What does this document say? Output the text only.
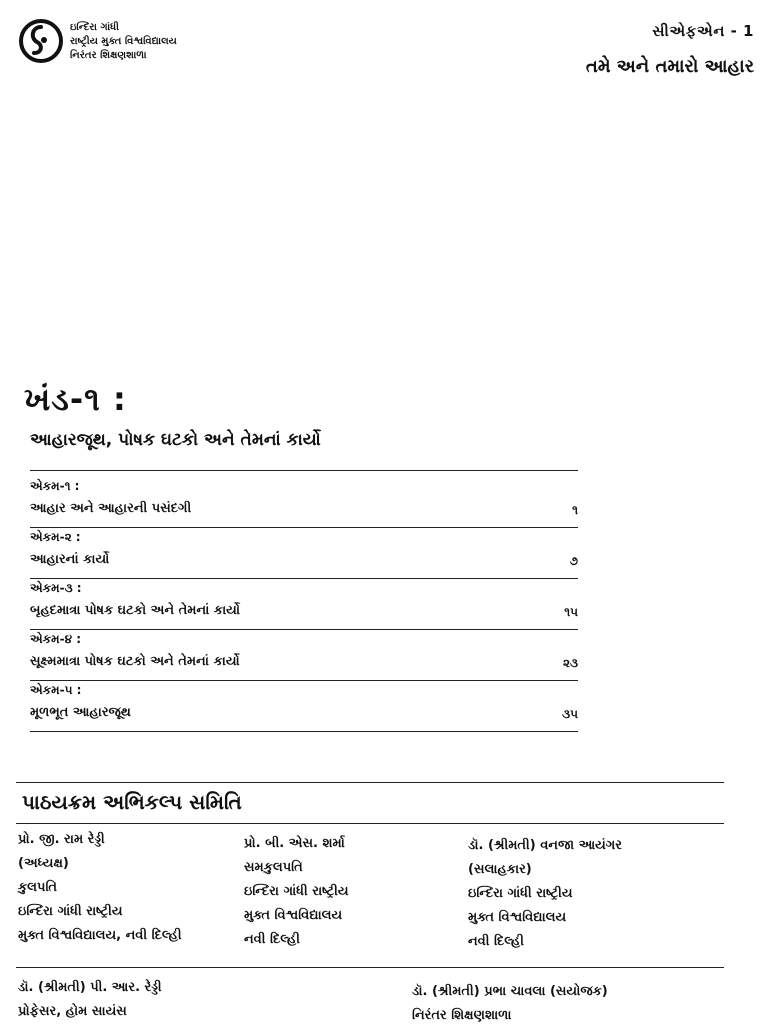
ઇન્દિરા ગાંધી
રાષ્ટ્રીય મુક્ત વિશ્વવિદ્યાલય
નિરંતર શિક્ષણશાળા
સીએફએન - 1
તમે અને તમારો આહાર
ખંડ-૧ :
આહારજૂથ, પોષક ઘટકો અને તેમનાં કાર્યો
એકમ-૧ :
આહાર અને આહારની પસંદગી	૧
એકમ-૨ :
આહારનાં કાર્યો	૭
એકમ-૩ :
બૃહદમાત્રા પોષક ઘટકો અને તેમનાં કાર્યો	૧૫
એકમ-૪ :
સૂક્ષ્મમાત્રા પોષક ઘટકો અને તેમનાં કાર્યો	૨૩
એકમ-૫ :
મૂળભૂત આહારજૂથ	૩૫
પાઠયક્રમ અભિકલ્પ સમિતિ
પ્રો. જી. રામ રેડ્ડી
(અધ્યક્ષ)
કુલપતિ
ઇન્દિરા ગાંધી રાષ્ટ્રીય
મુક્ત વિશ્વવિદ્યાલય, નવી દિલ્હી
પ્રો. બી. એસ. શર્મા
સમકુલપતિ
ઇન્દિરા ગાંધી રાષ્ટ્રીય
મુક્ત વિશ્વવિદ્યાલય
નવી દિલ્હી
ડૉ. (શ્રીમતી) વનજા આયંગર
(સલાહકાર)
ઇન્દિરા ગાંધી રાષ્ટ્રીય
મુક્ત વિશ્વવિદ્યાલય
નવી દિલ્હી
ડૉ. (શ્રીમતી) પી. આર. રેડ્ડી
પ્રોફેસર, હોમ સાયંસ
ડૉ. (શ્રીમતી) પ્રભા ચાવલા (સયોજક)
નિરંતર શિક્ષણશાળા
